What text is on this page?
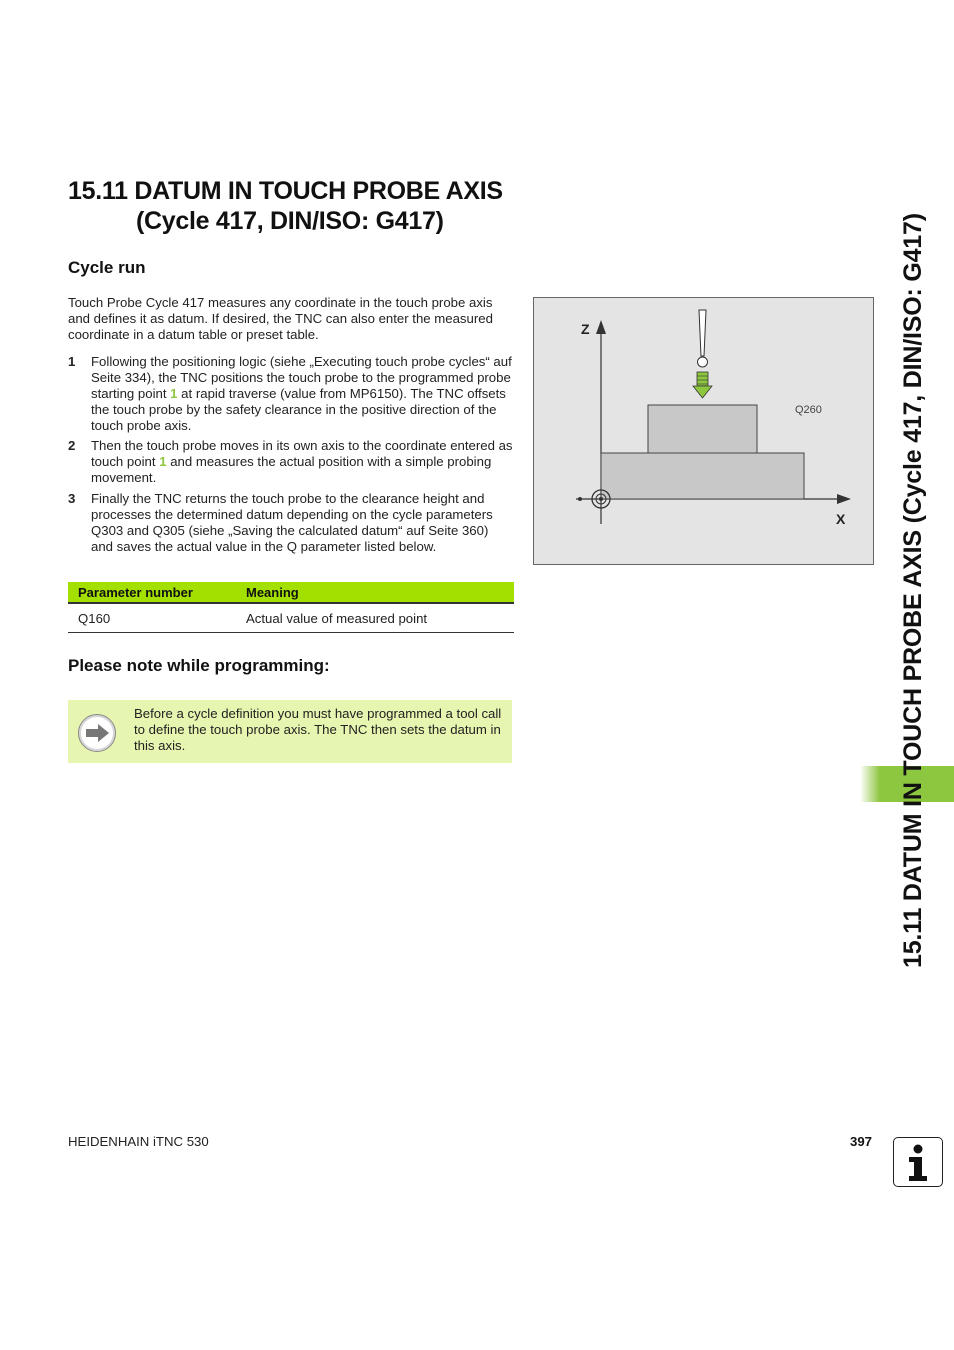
15.11 DATUM IN TOUCH PROBE AXIS
(Cycle 417, DIN/ISO: G417)
Cycle run
Touch Probe Cycle 417 measures any coordinate in the touch probe axis and defines it as datum. If desired, the TNC can also enter the measured coordinate in a datum table or preset table.
1 Following the positioning logic (siehe „Executing touch probe cycles“ auf Seite 334), the TNC positions the touch probe to the programmed probe starting point 1 at rapid traverse (value from MP6150). The TNC offsets the touch probe by the safety clearance in the positive direction of the touch probe axis.
2 Then the touch probe moves in its own axis to the coordinate entered as touch point 1 and measures the actual position with a simple probing movement.
3 Finally the TNC returns the touch probe to the clearance height and processes the determined datum depending on the cycle parameters Q303 and Q305 (siehe „Saving the calculated datum“ auf Seite 360) and saves the actual value in the Q parameter listed below.
Parameter number	Meaning
Q160	Actual value of measured point
Please note while programming:
Before a cycle definition you must have programmed a tool call to define the touch probe axis. The TNC then sets the datum in this axis.
Z
X
Q260	15.11 DATUM IN TOUCH PROBE AXIS (Cycle 417, DIN/ISO: G417)
HEIDENHAIN iTNC 530	397
